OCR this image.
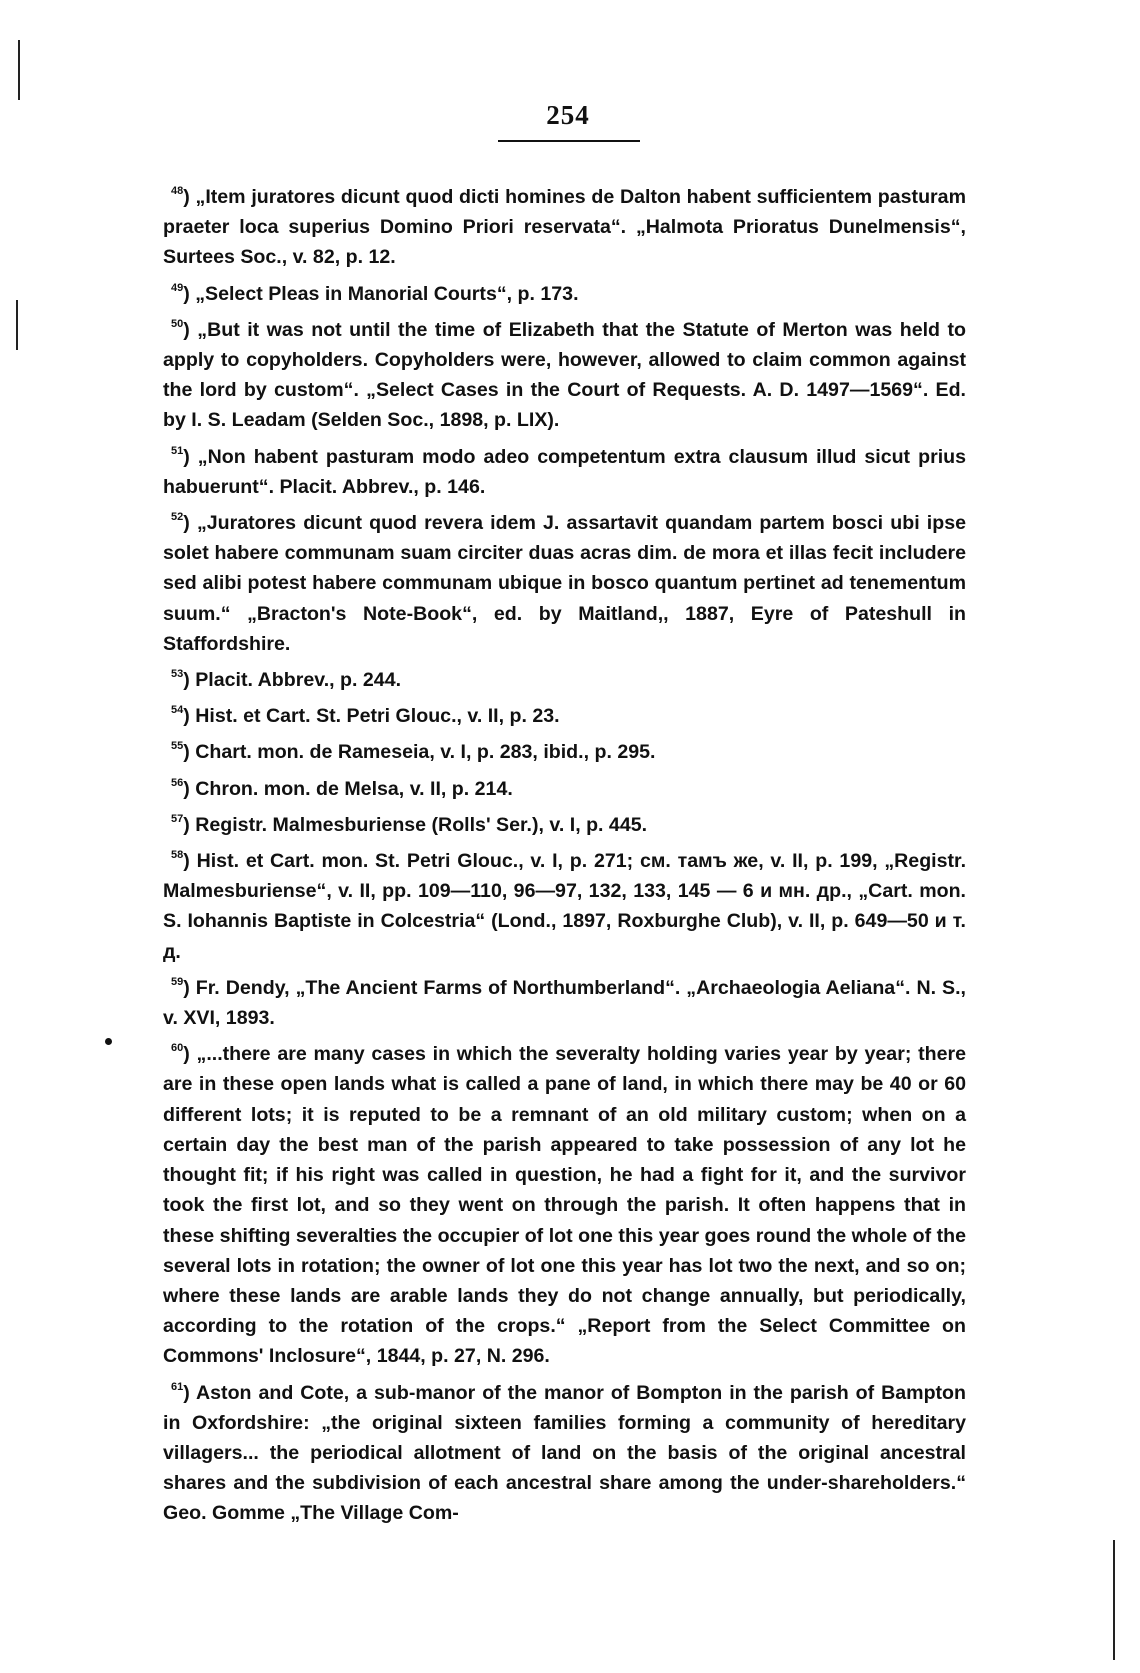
254

$^{48}$) „Item juratores dicunt quod dicti homines de Dalton habent sufficientem pasturam praeter loca superius Domino Priori reservata“. „Halmota Prioratus Dunelmensis“, Surtees Soc., v. 82, p. 12.

$^{49}$) „Select Pleas in Manorial Courts“, p. 173.

$^{50}$) „But it was not until the time of Elizabeth that the Statute of Merton was held to apply to copyholders. Copyholders were, however, allowed to claim common against the lord by custom“. „Select Cases in the Court of Requests. A. D. 1497—1569“. Ed. by I. S. Leadam (Selden Soc., 1898, p. LIX).

$^{51}$) „Non habent pasturam modo adeo competentum extra clausum illud sicut prius habuerunt“. Placit. Abbrev., p. 146.

$^{52}$) „Juratores dicunt quod revera idem J. assartavit quandam partem bosci ubi ipse solet habere communam suam circiter duas acras dim. de mora et illas fecit includere sed alibi potest habere communam ubique in bosco quantum pertinet ad tenementum suum.“ „Bracton's Note-Book“, ed. by Maitland,, 1887, Eyre of Pateshull in Staffordshire.

$^{53}$) Placit. Abbrev., p. 244.

$^{54}$) Hist. et Cart. St. Petri Glouc., v. II, p. 23.

$^{55}$) Chart. mon. de Rameseia, v. I, p. 283, ibid., p. 295.

$^{56}$) Chron. mon. de Melsa, v. II, p. 214.

$^{57}$) Registr. Malmesburiense (Rolls' Ser.), v. I, p. 445.

$^{58}$) Hist. et Cart. mon. St. Petri Glouc., v. I, p. 271; см. тамъ же, v. II, p. 199, „Registr. Malmesburiense“, v. II, pp. 109—110, 96—97, 132, 133, 145 — 6 и мн. др., „Cart. mon. S. Iohannis Baptiste in Colcestria“ (Lond., 1897, Roxburghe Club), v. II, p. 649—50 и т. д.

$^{59}$) Fr. Dendy, „The Ancient Farms of Northumberland“. „Archaeologia Aeliana“. N. S., v. XVI, 1893.

$^{60}$) „...there are many cases in which the severalty holding varies year by year; there are in these open lands what is called a pane of land, in which there may be 40 or 60 different lots; it is reputed to be a remnant of an old military custom; when on a certain day the best man of the parish appeared to take possession of any lot he thought fit; if his right was called in question, he had a fight for it, and the survivor took the first lot, and so they went on through the parish. It often happens that in these shifting severalties the occupier of lot one this year goes round the whole of the several lots in rotation; the owner of lot one this year has lot two the next, and so on; where these lands are arable lands they do not change annually, but periodically, according to the rotation of the crops.“ „Report from the Select Committee on Commons' Inclosure“, 1844, p. 27, N. 296.

$^{61}$) Aston and Cote, a sub-manor of the manor of Bompton in the parish of Bampton in Oxfordshire: „the original sixteen families forming a community of hereditary villagers... the periodical allotment of land on the basis of the original ancestral shares and the subdivision of each ancestral share among the under-shareholders.“ Geo. Gomme „The Village Com-
